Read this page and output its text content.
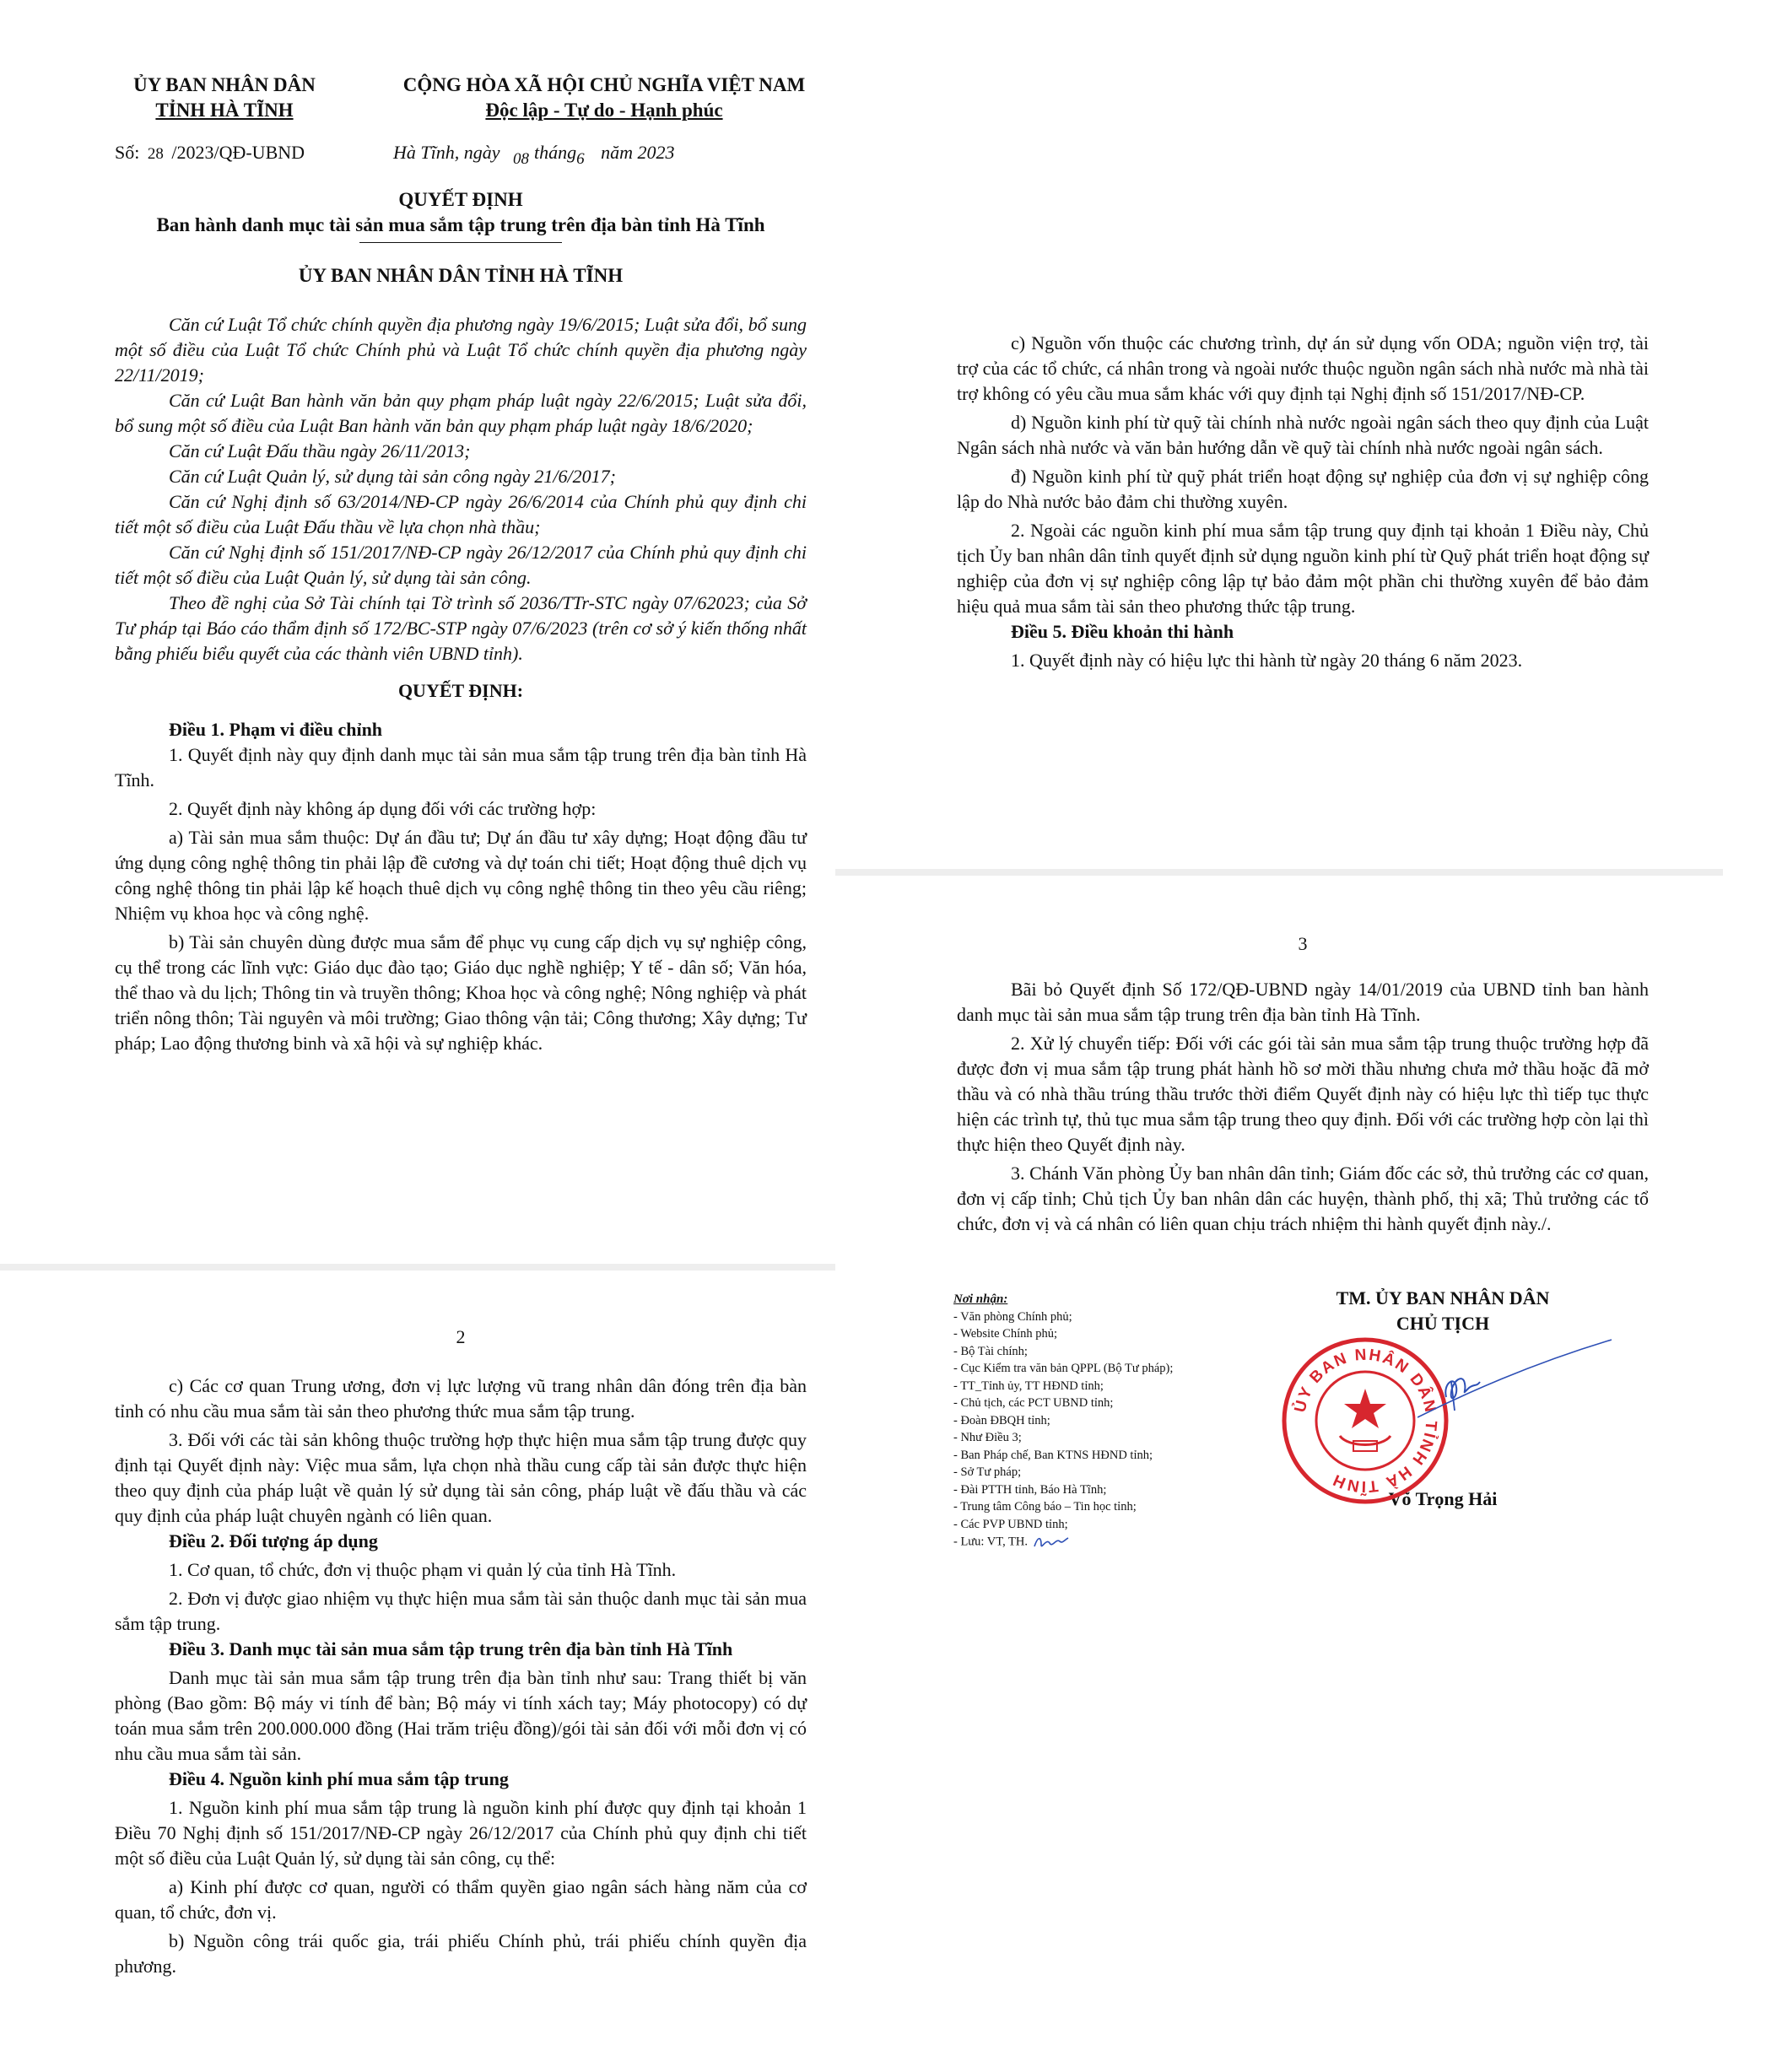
ỦY BAN NHÂN DÂN
TỈNH HÀ TĨNH
CỘNG HÒA XÃ HỘI CHỦ NGHĨA VIỆT NAM
Độc lập - Tự do - Hạnh phúc
Số: 28 /2023/QĐ-UBND	Hà Tĩnh, ngày 08 tháng6 năm 2023
QUYẾT ĐỊNH
Ban hành danh mục tài sản mua sắm tập trung trên địa bàn tỉnh Hà Tĩnh
ỦY BAN NHÂN DÂN TỈNH HÀ TĨNH

Căn cứ Luật Tổ chức chính quyền địa phương ngày 19/6/2015; Luật sửa đổi, bổ sung một số điều của Luật Tổ chức Chính phủ và Luật Tổ chức chính quyền địa phương ngày 22/11/2019;

Căn cứ Luật Ban hành văn bản quy phạm pháp luật ngày 22/6/2015; Luật sửa đổi, bổ sung một số điều của Luật Ban hành văn bản quy phạm pháp luật ngày 18/6/2020;

Căn cứ Luật Đấu thầu ngày 26/11/2013;

Căn cứ Luật Quản lý, sử dụng tài sản công ngày 21/6/2017;

Căn cứ Nghị định số 63/2014/NĐ-CP ngày 26/6/2014 của Chính phủ quy định chi tiết một số điều của Luật Đấu thầu về lựa chọn nhà thầu;

Căn cứ Nghị định số 151/2017/NĐ-CP ngày 26/12/2017 của Chính phủ quy định chi tiết một số điều của Luật Quản lý, sử dụng tài sản công.

Theo đề nghị của Sở Tài chính tại Tờ trình số 2036/TTr-STC ngày 07/62023; của Sở Tư pháp tại Báo cáo thẩm định số 172/BC-STP ngày 07/6/2023 (trên cơ sở ý kiến thống nhất bằng phiếu biểu quyết của các thành viên UBND tỉnh).

QUYẾT ĐỊNH:

Điều 1. Phạm vi điều chỉnh

1. Quyết định này quy định danh mục tài sản mua sắm tập trung trên địa bàn tỉnh Hà Tĩnh.

2. Quyết định này không áp dụng đối với các trường hợp:

a) Tài sản mua sắm thuộc: Dự án đầu tư; Dự án đầu tư xây dựng; Hoạt động đầu tư ứng dụng công nghệ thông tin phải lập đề cương và dự toán chi tiết; Hoạt động thuê dịch vụ công nghệ thông tin phải lập kế hoạch thuê dịch vụ công nghệ thông tin theo yêu cầu riêng; Nhiệm vụ khoa học và công nghệ.

b) Tài sản chuyên dùng được mua sắm để phục vụ cung cấp dịch vụ sự nghiệp công, cụ thể trong các lĩnh vực: Giáo dục đào tạo; Giáo dục nghề nghiệp; Y tế - dân số; Văn hóa, thể thao và du lịch; Thông tin và truyền thông; Khoa học và công nghệ; Nông nghiệp và phát triển nông thôn; Tài nguyên và môi trường; Giao thông vận tải; Công thương; Xây dựng; Tư pháp; Lao động thương binh và xã hội và sự nghiệp khác.

2

c) Các cơ quan Trung ương, đơn vị lực lượng vũ trang nhân dân đóng trên địa bàn tỉnh có nhu cầu mua sắm tài sản theo phương thức mua sắm tập trung.

3. Đối với các tài sản không thuộc trường hợp thực hiện mua sắm tập trung được quy định tại Quyết định này: Việc mua sắm, lựa chọn nhà thầu cung cấp tài sản được thực hiện theo quy định của pháp luật về quản lý sử dụng tài sản công, pháp luật về đấu thầu và các quy định của pháp luật chuyên ngành có liên quan.

Điều 2. Đối tượng áp dụng

1. Cơ quan, tổ chức, đơn vị thuộc phạm vi quản lý của tỉnh Hà Tĩnh.

2. Đơn vị được giao nhiệm vụ thực hiện mua sắm tài sản thuộc danh mục tài sản mua sắm tập trung.

Điều 3. Danh mục tài sản mua sắm tập trung trên địa bàn tỉnh Hà Tĩnh

Danh mục tài sản mua sắm tập trung trên địa bàn tỉnh như sau: Trang thiết bị văn phòng (Bao gồm: Bộ máy vi tính để bàn; Bộ máy vi tính xách tay; Máy photocopy) có dự toán mua sắm trên 200.000.000 đồng (Hai trăm triệu đồng)/gói tài sản đối với mỗi đơn vị có nhu cầu mua sắm tài sản.

Điều 4. Nguồn kinh phí mua sắm tập trung

1. Nguồn kinh phí mua sắm tập trung là nguồn kinh phí được quy định tại khoản 1 Điều 70 Nghị định số 151/2017/NĐ-CP ngày 26/12/2017 của Chính phủ quy định chi tiết một số điều của Luật Quản lý, sử dụng tài sản công, cụ thể:

a) Kinh phí được cơ quan, người có thẩm quyền giao ngân sách hàng năm của cơ quan, tổ chức, đơn vị.

b) Nguồn công trái quốc gia, trái phiếu Chính phủ, trái phiếu chính quyền địa phương.

c) Nguồn vốn thuộc các chương trình, dự án sử dụng vốn ODA; nguồn viện trợ, tài trợ của các tổ chức, cá nhân trong và ngoài nước thuộc nguồn ngân sách nhà nước mà nhà tài trợ không có yêu cầu mua sắm khác với quy định tại Nghị định số 151/2017/NĐ-CP.

d) Nguồn kinh phí từ quỹ tài chính nhà nước ngoài ngân sách theo quy định của Luật Ngân sách nhà nước và văn bản hướng dẫn về quỹ tài chính nhà nước ngoài ngân sách.

đ) Nguồn kinh phí từ quỹ phát triển hoạt động sự nghiệp của đơn vị sự nghiệp công lập do Nhà nước bảo đảm chi thường xuyên.

2. Ngoài các nguồn kinh phí mua sắm tập trung quy định tại khoản 1 Điều này, Chủ tịch Ủy ban nhân dân tỉnh quyết định sử dụng nguồn kinh phí từ Quỹ phát triển hoạt động sự nghiệp của đơn vị sự nghiệp công lập tự bảo đảm một phần chi thường xuyên để bảo đảm hiệu quả mua sắm tài sản theo phương thức tập trung.

Điều 5. Điều khoản thi hành

1. Quyết định này có hiệu lực thi hành từ ngày 20 tháng 6 năm 2023.

3

Bãi bỏ Quyết định Số 172/QĐ-UBND ngày 14/01/2019 của UBND tỉnh ban hành danh mục tài sản mua sắm tập trung trên địa bàn tỉnh Hà Tĩnh.

2. Xử lý chuyển tiếp: Đối với các gói tài sản mua sắm tập trung thuộc trường hợp đã được đơn vị mua sắm tập trung phát hành hồ sơ mời thầu nhưng chưa mở thầu hoặc đã mở thầu và có nhà thầu trúng thầu trước thời điểm Quyết định này có hiệu lực thì tiếp tục thực hiện các trình tự, thủ tục mua sắm tập trung theo quy định. Đối với các trường hợp còn lại thì thực hiện theo Quyết định này.

3. Chánh Văn phòng Ủy ban nhân dân tỉnh; Giám đốc các sở, thủ trưởng các cơ quan, đơn vị cấp tỉnh; Chủ tịch Ủy ban nhân dân các huyện, thành phố, thị xã; Thủ trưởng các tổ chức, đơn vị và cá nhân có liên quan chịu trách nhiệm thi hành quyết định này./.

Nơi nhận:

- Văn phòng Chính phủ;

- Website Chính phủ;

- Bộ Tài chính;

- Cục Kiểm tra văn bản QPPL (Bộ Tư pháp);

- TT_Tỉnh ủy, TT HĐND tỉnh;

- Chủ tịch, các PCT UBND tỉnh;

- Đoàn ĐBQH tỉnh;

- Như Điều 3;

- Ban Pháp chế, Ban KTNS HĐND tỉnh;

- Sở Tư pháp;

- Đài PTTH tỉnh, Báo Hà Tĩnh;

- Trung tâm Công báo – Tin học tỉnh;

- Các PVP UBND tỉnh;

- Lưu: VT, TH.

TM. ỦY BAN NHÂN DÂN
CHỦ TỊCH
Võ Trọng Hải
ỦY BAN NHÂN DÂN TỈNH HÀ TĨNH
